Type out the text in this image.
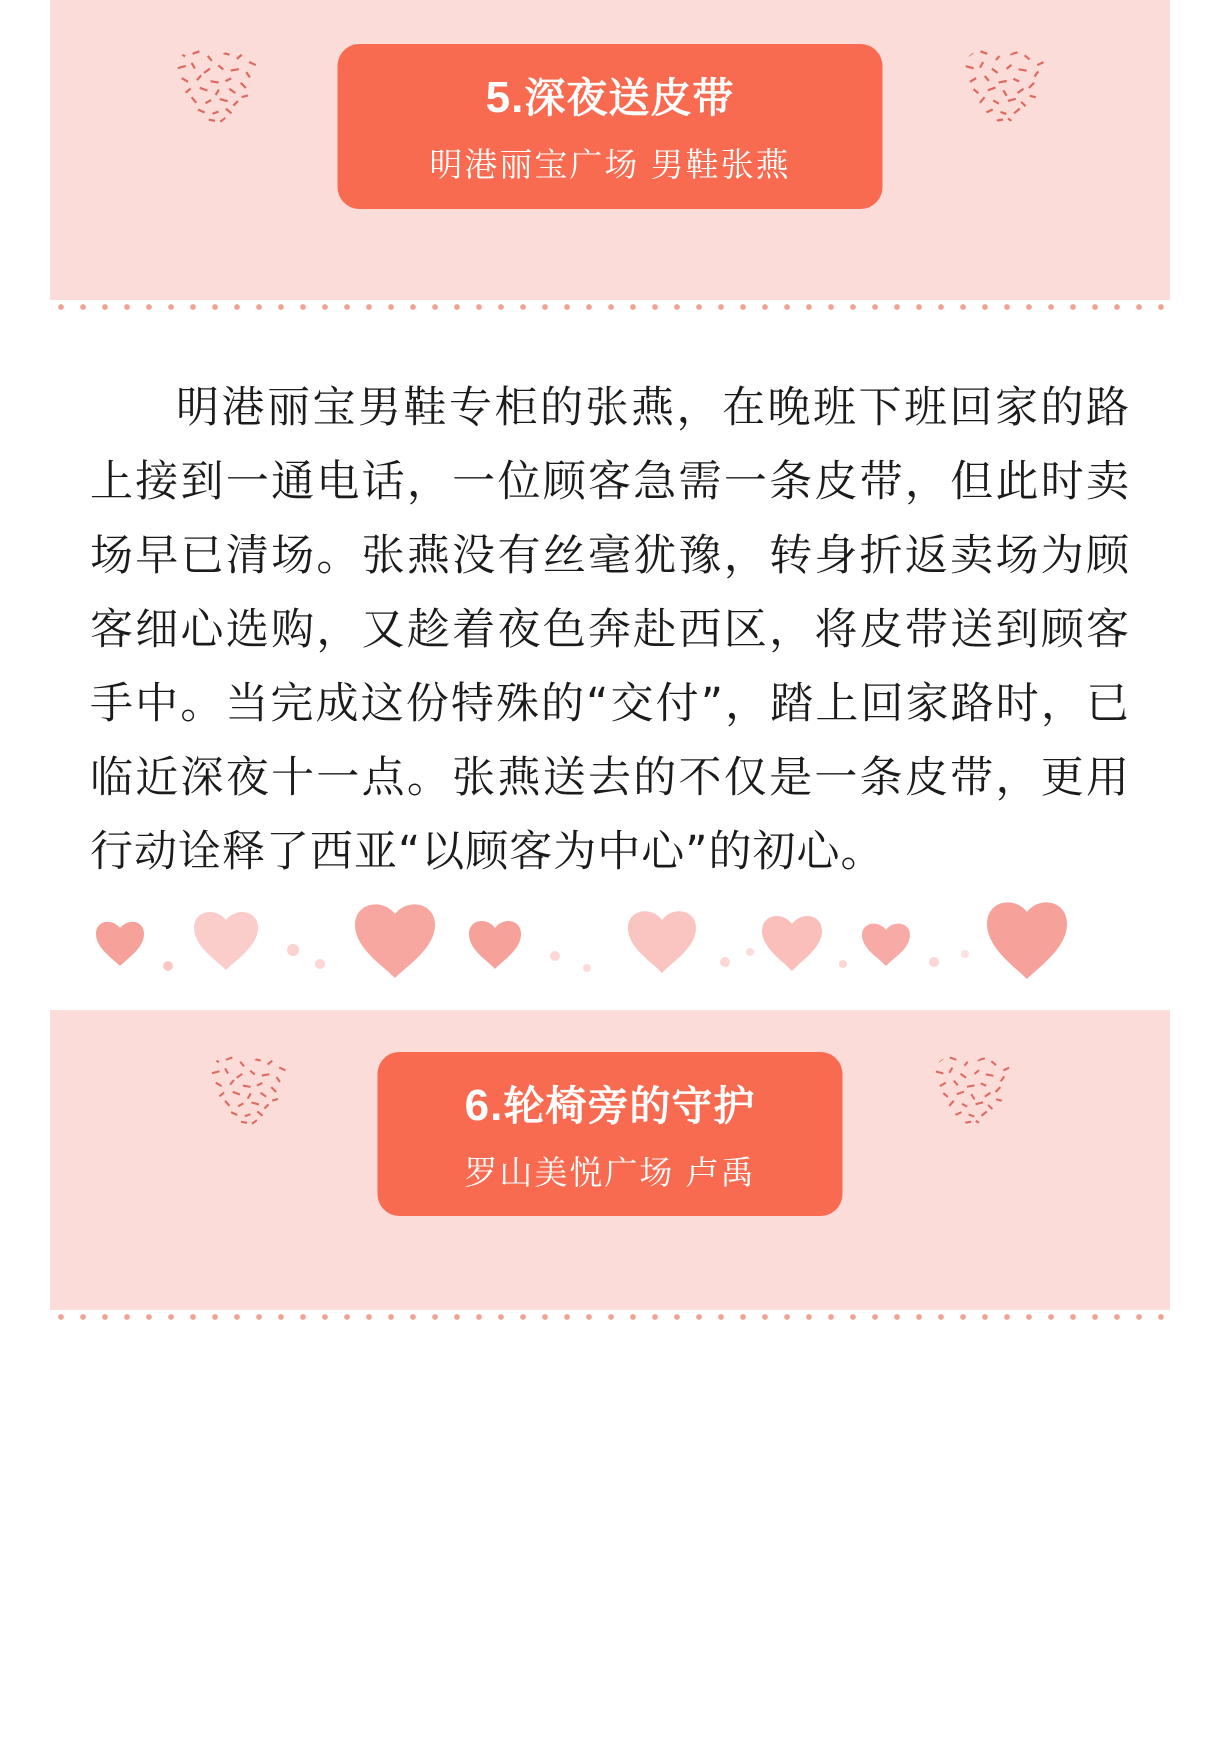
5.深夜送皮带
明港丽宝广场 男鞋张燕

明港丽宝男鞋专柜的张燕，在晚班下班回家的路上接到一通电话，一位顾客急需一条皮带，但此时卖场早已清场。张燕没有丝毫犹豫，转身折返卖场为顾客细心选购，又趁着夜色奔赴西区，将皮带送到顾客手中。当完成这份特殊的“交付”，踏上回家路时，已临近深夜十一点。张燕送去的不仅是一条皮带，更用行动诠释了西亚“以顾客为中心”的初心。

6.轮椅旁的守护
罗山美悦广场 卢禹
